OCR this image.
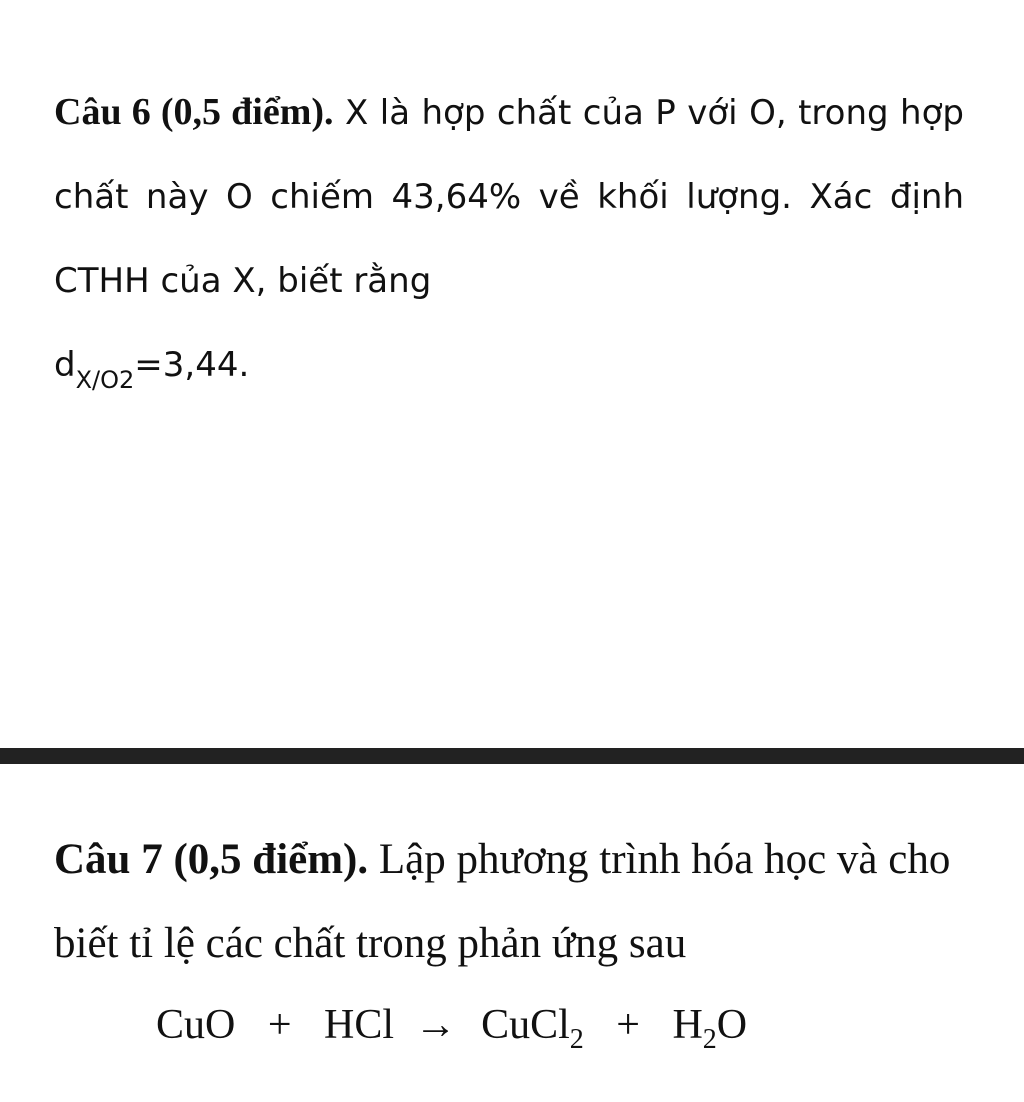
Câu 6 (0,5 điểm). X là hợp chất của P với O, trong hợp chất này O chiếm 43,64% về khối lượng. Xác định CTHH của X, biết rằng
$d_{X/O2}=3,44$.
Câu 7 (0,5 điểm). Lập phương trình hóa học và cho biết tỉ lệ các chất trong phản ứng sau
CuO + HCl → CuCl$_2$ + $H_2O$
